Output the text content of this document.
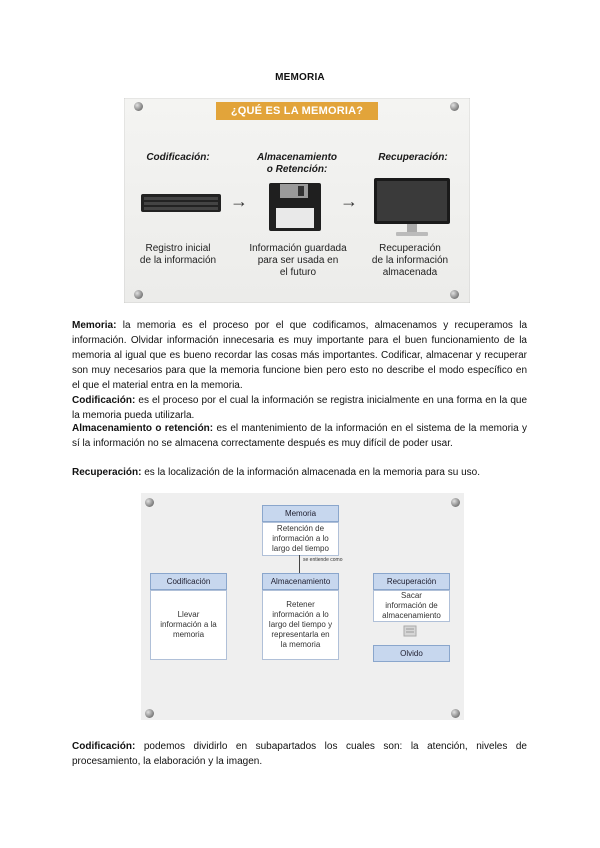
MEMORIA
¿QUÉ ES LA MEMORIA?
Codificación:
Registro inicial
de la información
→
Almacenamiento
o Retención:
Información guardada
para ser usada en
el futuro
→
Recuperación:
Recuperación
de la información
almacenada
Memoria: la memoria es el proceso por el que codificamos, almacenamos y recuperamos la información. Olvidar información innecesaria es muy importante para el buen funcionamiento de la memoria al igual que es bueno recordar las cosas más importantes. Codificar, almacenar y recuperar son muy necesarios para que la memoria funcione bien pero esto no describe el modo específico en el que el material entra en la memoria.
Codificación: es el proceso por el cual la información se registra inicialmente en una forma en la que la memoria pueda utilizarla.
Almacenamiento o retención: es el mantenimiento de la información en el sistema de la memoria y sí la información no se almacena correctamente después es muy difícil de poder usar.
Recuperación: es la localización de la información almacenada en la memoria para su uso.
Memoria
Retención de
información a lo
largo del tiempo
se entiende como
Codificación
Llevar
información a la
memoria
Almacenamiento
Retener
información a lo
largo del tiempo y
representarla en
la memoria
Recuperación
Sacar
información de
almacenamiento
Olvido
Codificación: podemos dividirlo en subapartados los cuales son: la atención, niveles de procesamiento, la elaboración y la imagen.
